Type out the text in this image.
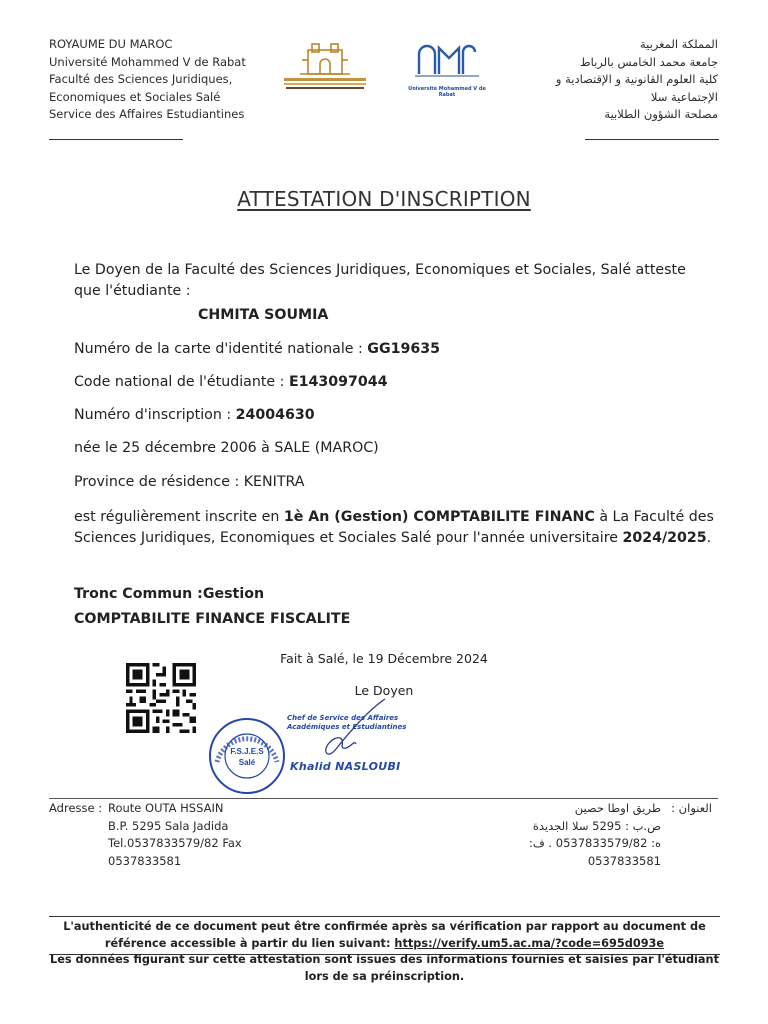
ROYAUME DU MAROC
Université Mohammed V de Rabat
Faculté des Sciences Juridiques,
Economiques et Sociales Salé
Service des Affaires Estudiantines
Université Mohammed V de Rabat
المملكة المغربية
جامعة محمد الخامس بالرباط
كلية العلوم القانونية و الإقتصادية و
الإجتماعية سلا
مصلحة الشؤون الطلابية
ATTESTATION D'INSCRIPTION
Le Doyen de la Faculté des Sciences Juridiques, Economiques et Sociales, Salé atteste que l'étudiante :
CHMITA SOUMIA
Numéro de la carte d'identité nationale : GG19635
Code national de l'étudiante : E143097044
Numéro d'inscription : 24004630
née le 25 décembre 2006 à SALE (MAROC)
Province de résidence : KENITRA
est régulièrement inscrite en 1è An (Gestion) COMPTABILITE FINANC à La Faculté des Sciences Juridiques, Economiques et Sociales Salé pour l'année universitaire 2024/2025.
Tronc Commun :Gestion
COMPTABILITE FINANCE FISCALITE
Fait à Salé, le 19 Décembre 2024
Le Doyen
F.S.J.E.S
Salé
Chef de Service des Affaires
Académiques et Estudiantines
Khalid NASLOUBI
Adresse : Route OUTA HSSAIN
B.P. 5295 Sala Jadida
Tel.0537833579/82 Fax
0537833581
العنوان :
طريق اوطا حصين
ص.ب : 5295 سلا الجديدة
ه: 0537833579/82 . ف:
0537833581
L'authenticité de ce document peut être confirmée après sa vérification par rapport au document de référence accessible à partir du lien suivant: https://verify.um5.ac.ma/?code=695d093e
Les données figurant sur cette attestation sont issues des informations fournies et saisies par l'étudiant lors de sa préinscription.
